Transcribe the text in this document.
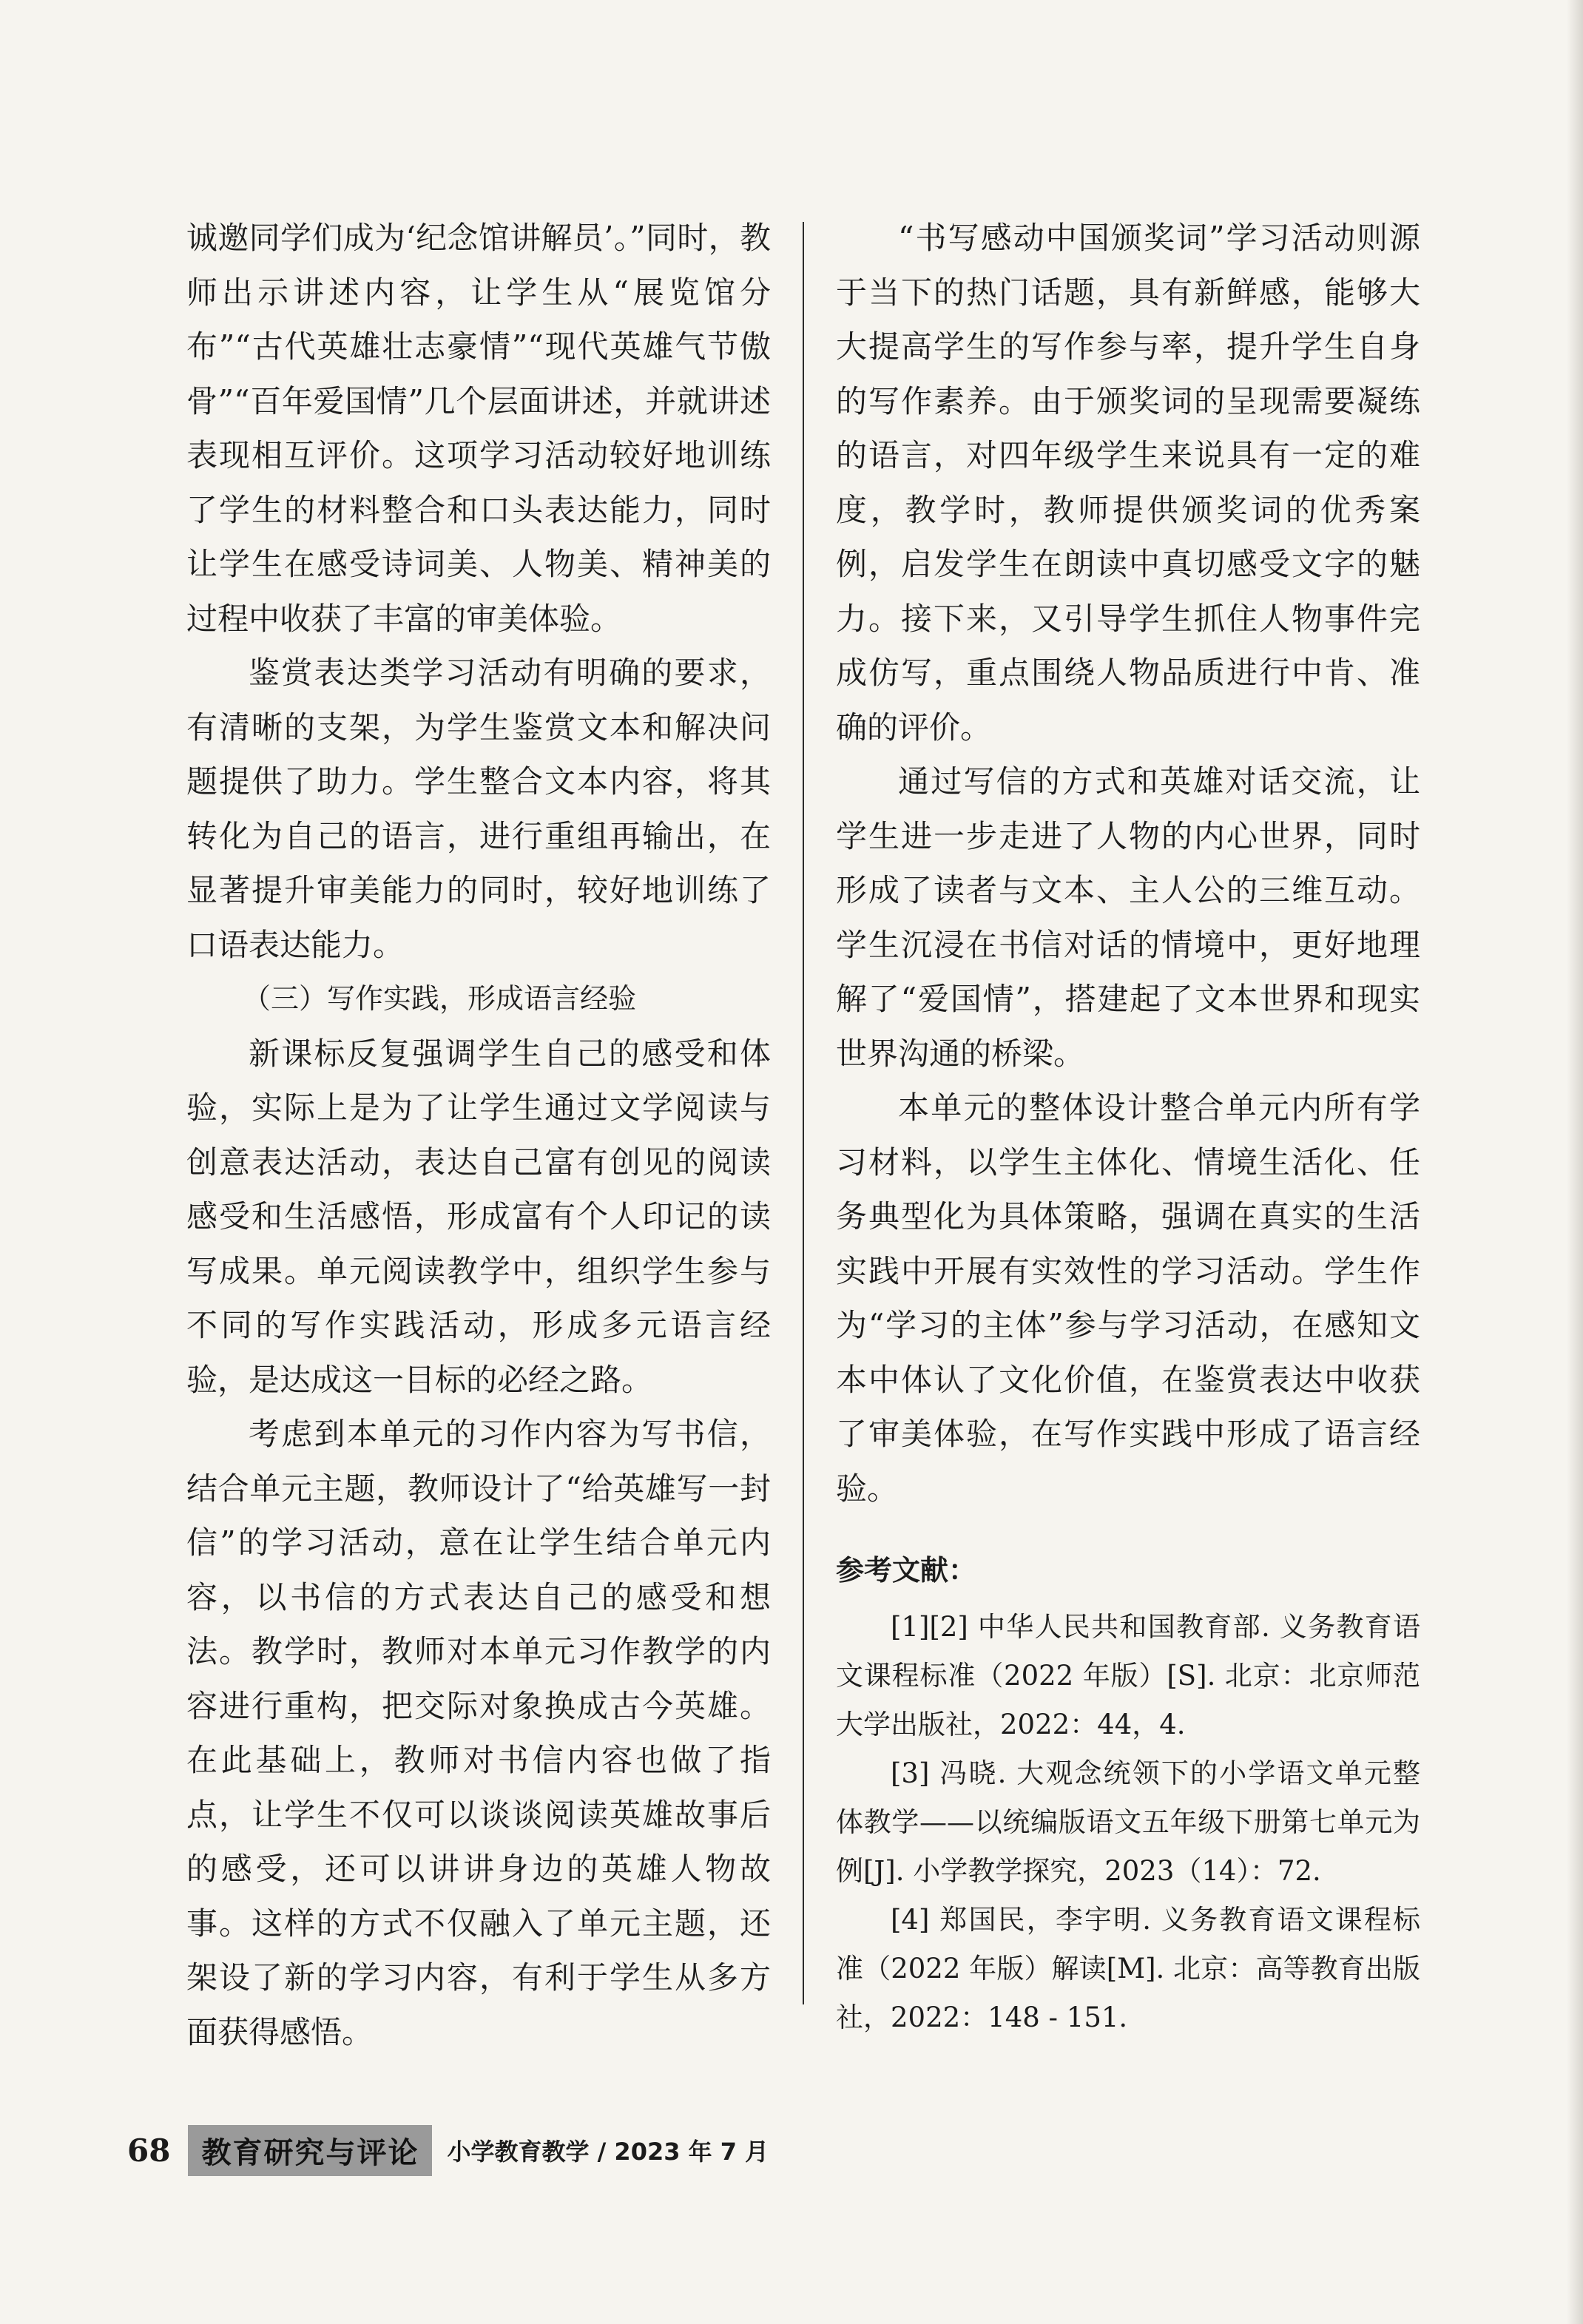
诚邀同学们成为‘纪念馆讲解员’。”同时，教师出示讲述内容，让学生从“展览馆分布”“古代英雄壮志豪情”“现代英雄气节傲骨”“百年爱国情”几个层面讲述，并就讲述表现相互评价。这项学习活动较好地训练了学生的材料整合和口头表达能力，同时让学生在感受诗词美、人物美、精神美的过程中收获了丰富的审美体验。

鉴赏表达类学习活动有明确的要求，有清晰的支架，为学生鉴赏文本和解决问题提供了助力。学生整合文本内容，将其转化为自己的语言，进行重组再输出，在显著提升审美能力的同时，较好地训练了口语表达能力。

（三）写作实践，形成语言经验

新课标反复强调学生自己的感受和体验，实际上是为了让学生通过文学阅读与创意表达活动，表达自己富有创见的阅读感受和生活感悟，形成富有个人印记的读写成果。单元阅读教学中，组织学生参与不同的写作实践活动，形成多元语言经验，是达成这一目标的必经之路。

考虑到本单元的习作内容为写书信，结合单元主题，教师设计了“给英雄写一封信”的学习活动，意在让学生结合单元内容，以书信的方式表达自己的感受和想法。教学时，教师对本单元习作教学的内容进行重构，把交际对象换成古今英雄。在此基础上，教师对书信内容也做了指点，让学生不仅可以谈谈阅读英雄故事后的感受，还可以讲讲身边的英雄人物故事。这样的方式不仅融入了单元主题，还架设了新的学习内容，有利于学生从多方面获得感悟。

“书写感动中国颁奖词”学习活动则源于当下的热门话题，具有新鲜感，能够大大提高学生的写作参与率，提升学生自身的写作素养。由于颁奖词的呈现需要凝练的语言，对四年级学生来说具有一定的难度，教学时，教师提供颁奖词的优秀案例，启发学生在朗读中真切感受文字的魅力。接下来，又引导学生抓住人物事件完成仿写，重点围绕人物品质进行中肯、准确的评价。

通过写信的方式和英雄对话交流，让学生进一步走进了人物的内心世界，同时形成了读者与文本、主人公的三维互动。学生沉浸在书信对话的情境中，更好地理解了“爱国情”，搭建起了文本世界和现实世界沟通的桥梁。

本单元的整体设计整合单元内所有学习材料，以学生主体化、情境生活化、任务典型化为具体策略，强调在真实的生活实践中开展有实效性的学习活动。学生作为“学习的主体”参与学习活动，在感知文本中体认了文化价值，在鉴赏表达中收获了审美体验，在写作实践中形成了语言经验。

参考文献：

[1][2] 中华人民共和国教育部. 义务教育语文课程标准（2022 年版）[S]. 北京：北京师范大学出版社，2022：44，4.

[3] 冯晓. 大观念统领下的小学语文单元整体教学——以统编版语文五年级下册第七单元为例[J]. 小学教学探究，2023（14）：72.

[4] 郑国民，李宇明. 义务教育语文课程标准（2022 年版）解读[M]. 北京：高等教育出版社，2022：148 - 151.

68	教育研究与评论	小学教育教学 / 2023 年 7 月
